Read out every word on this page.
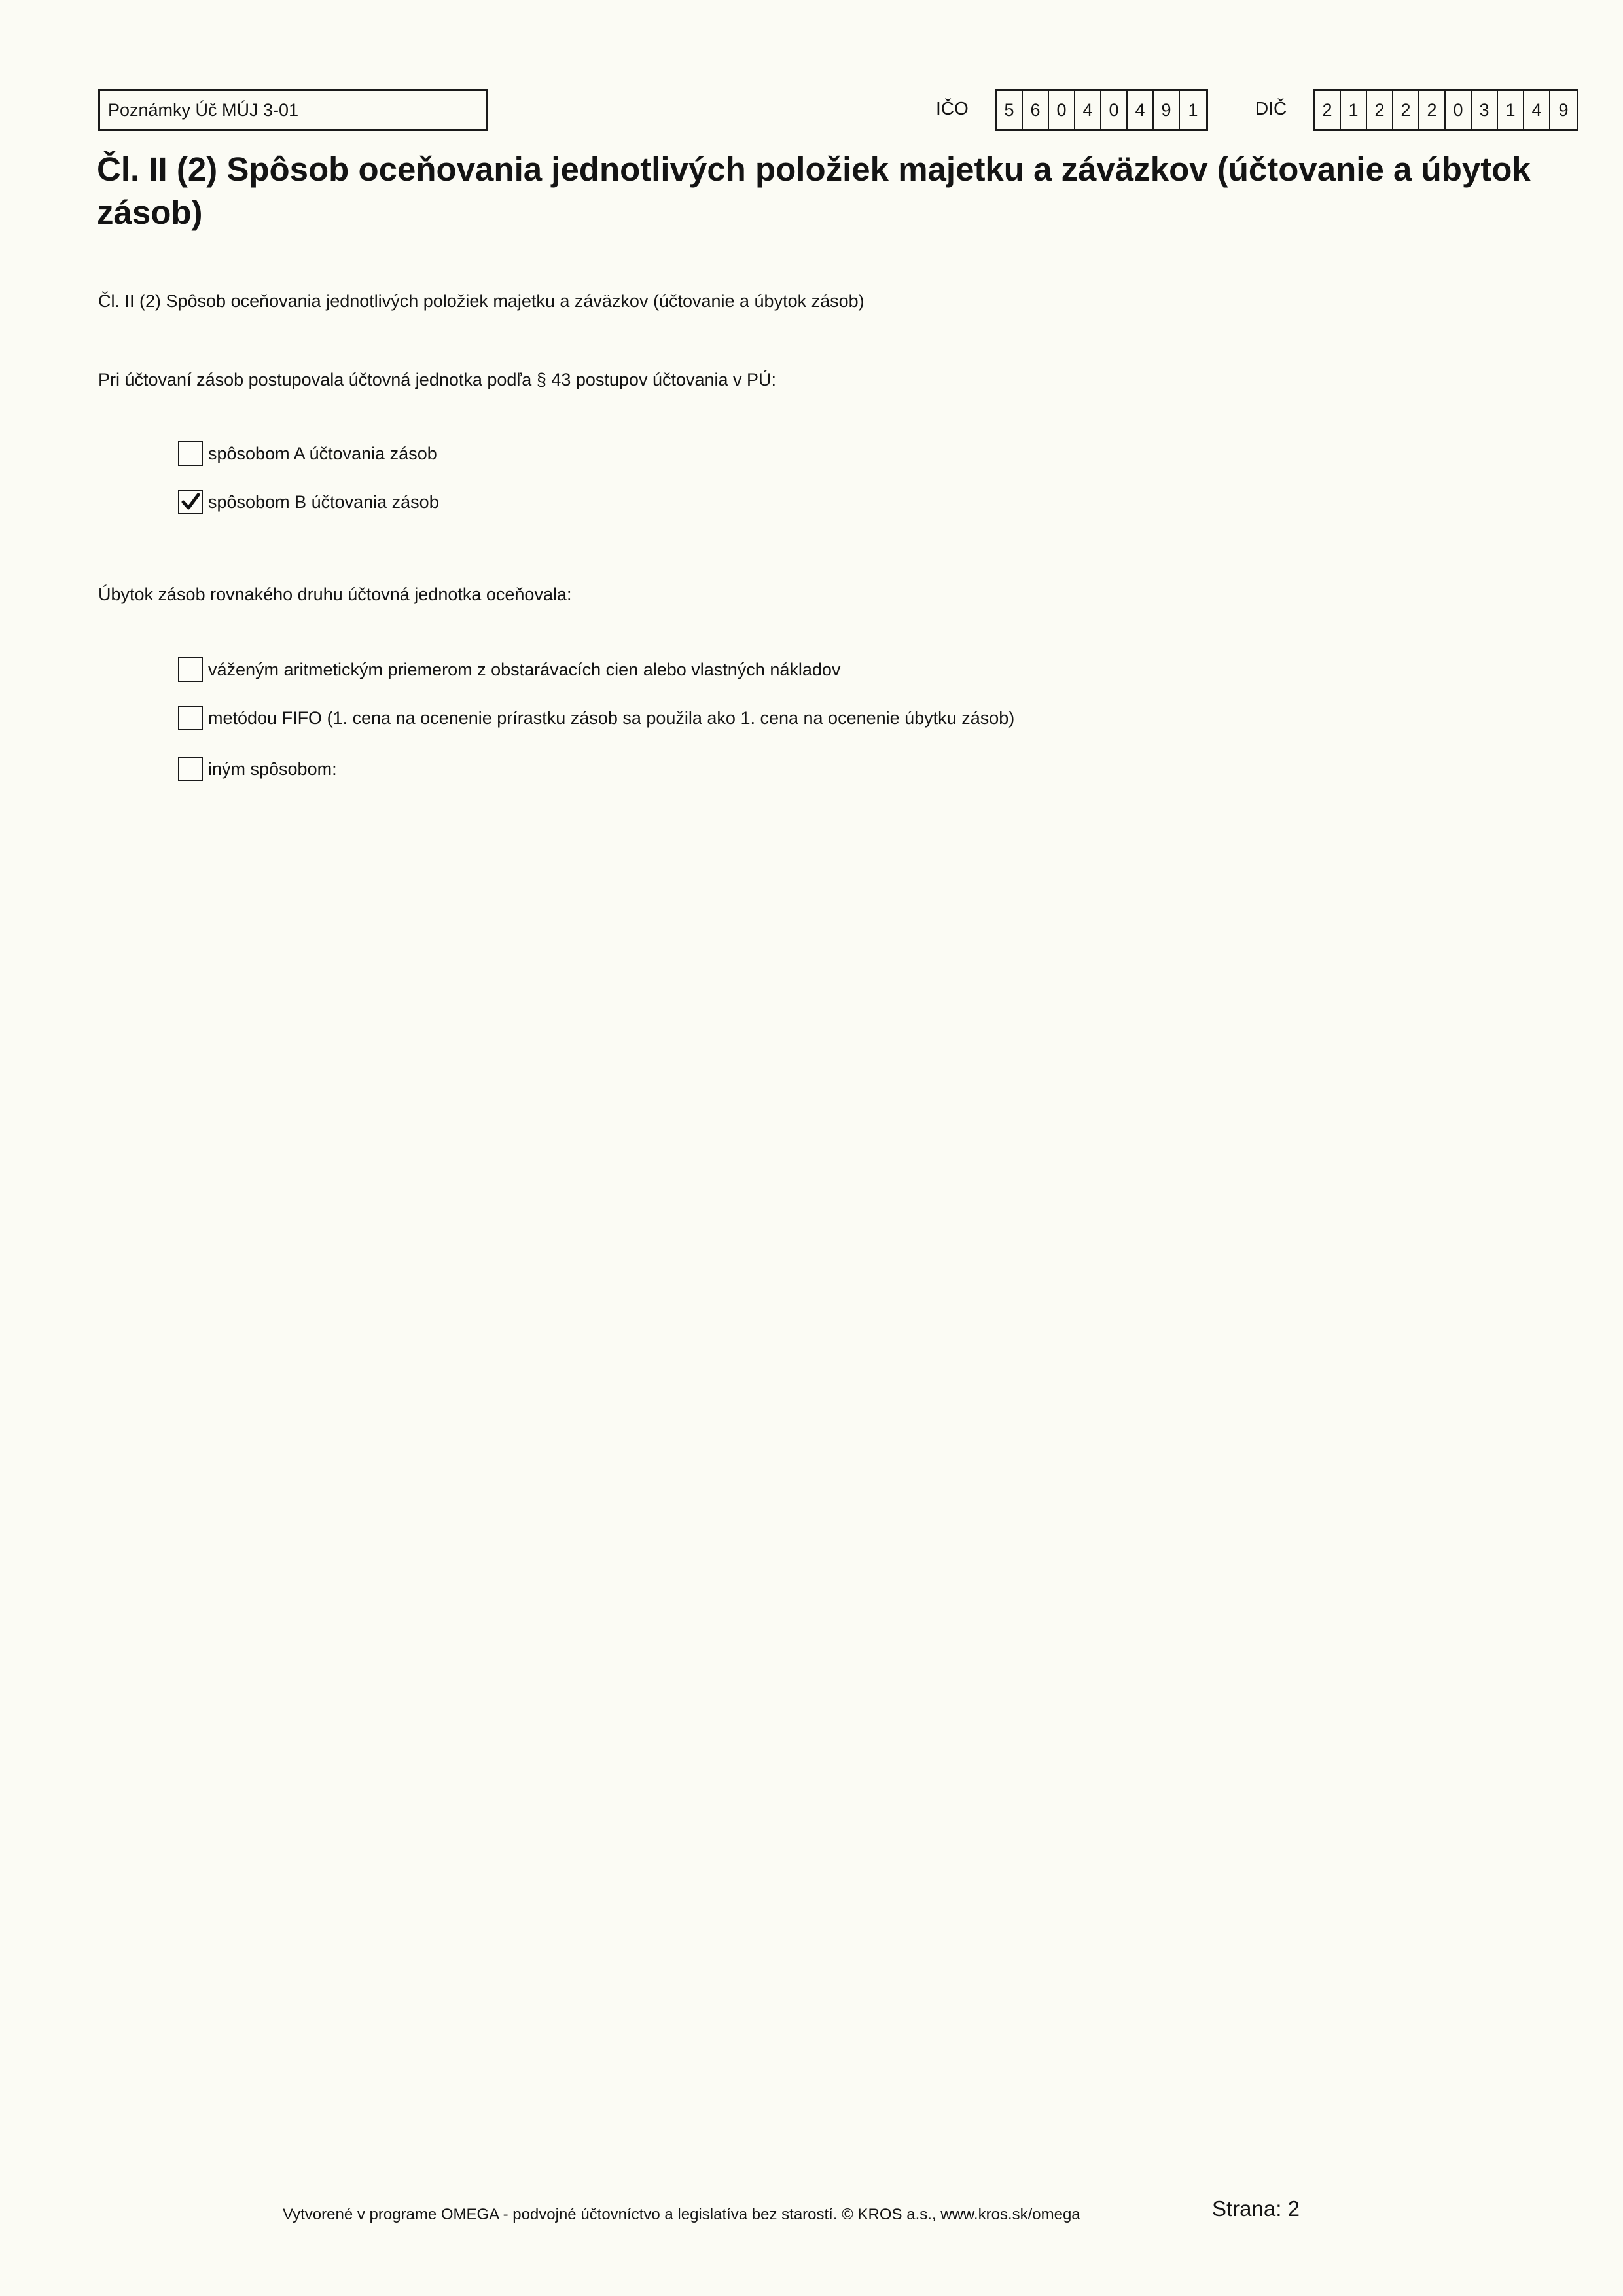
Poznámky Úč MÚJ 3-01	IČO	5 6 0 4 0 4 9 1	DIČ	2 1 2 2 2 0 3 1 4 9
Čl. II (2) Spôsob oceňovania jednotlivých položiek majetku a záväzkov (účtovanie a úbytok zásob)
Čl. II (2) Spôsob oceňovania jednotlivých položiek majetku a záväzkov (účtovanie a úbytok zásob)
Pri účtovaní zásob postupovala účtovná jednotka podľa § 43 postupov účtovania v PÚ:
spôsobom A účtovania zásob
spôsobom B účtovania zásob
Úbytok zásob rovnakého druhu účtovná jednotka oceňovala:
váženým aritmetickým priemerom z obstarávacích cien alebo vlastných nákladov
metódou FIFO (1. cena na ocenenie prírastku zásob sa použila ako 1. cena na ocenenie úbytku zásob)
iným spôsobom:
Vytvorené v programe OMEGA - podvojné účtovníctvo a legislatíva bez starostí. © KROS a.s., www.kros.sk/omega	Strana: 2
